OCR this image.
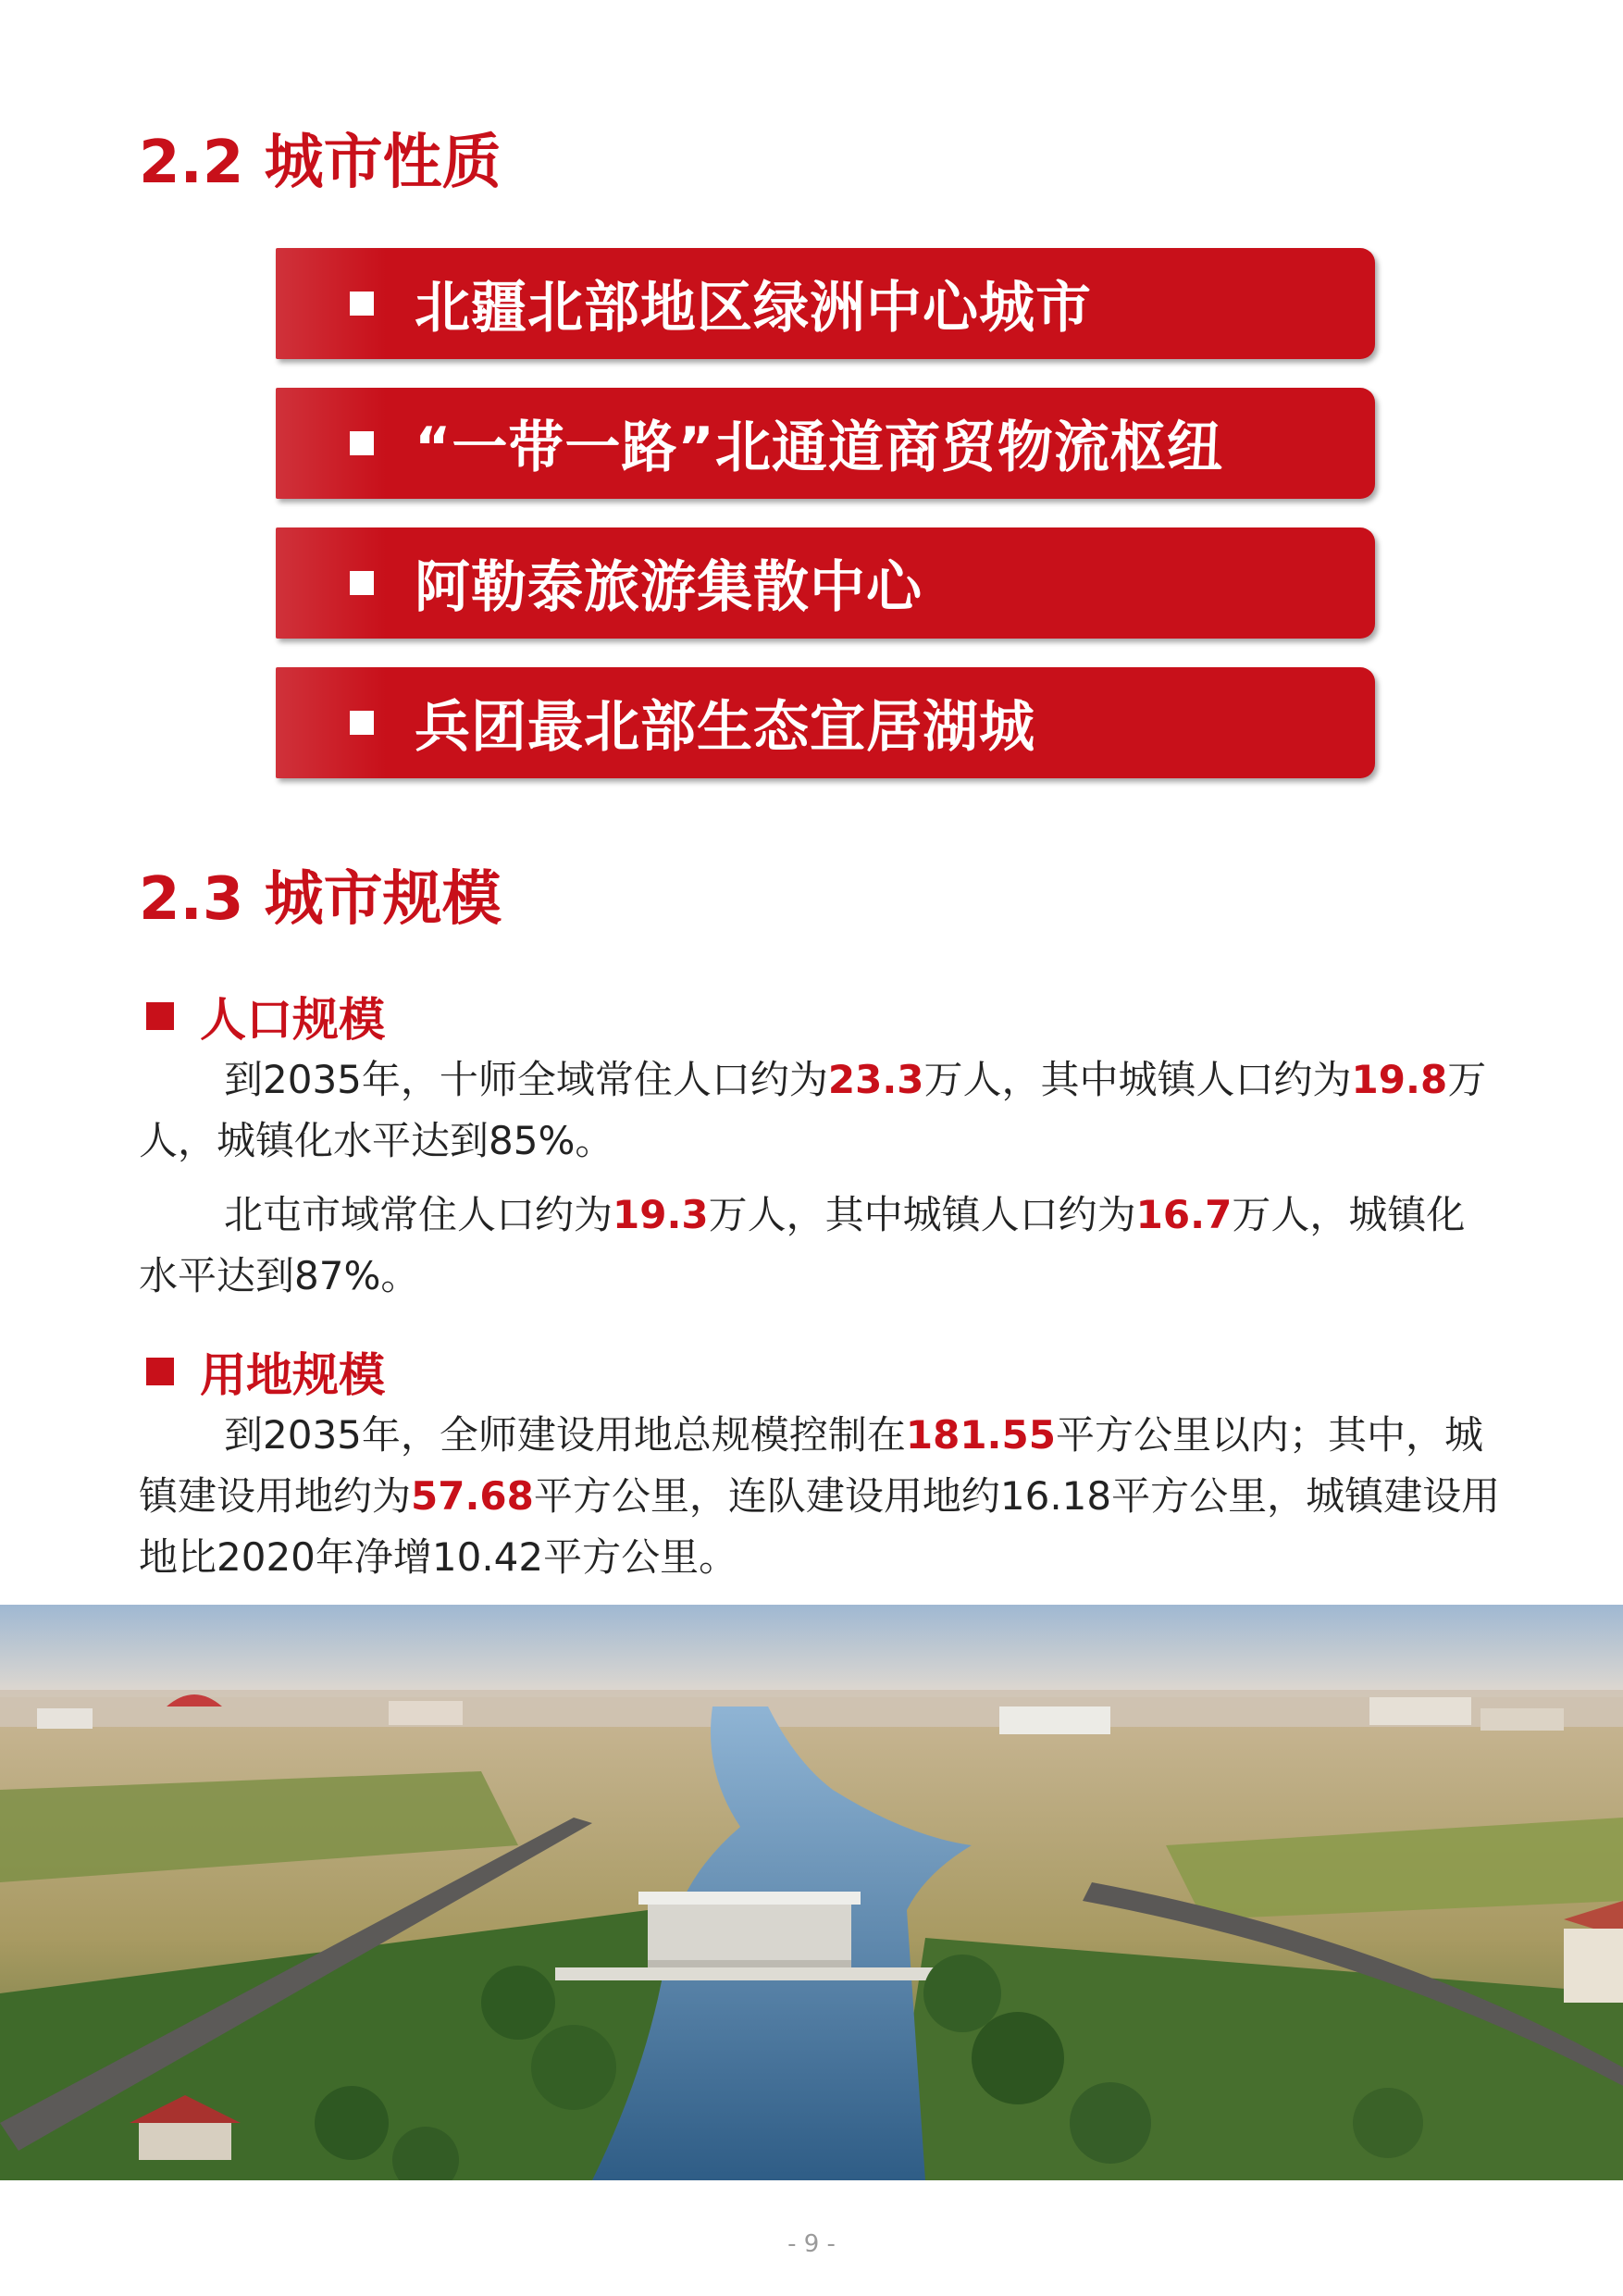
2.2 城市性质
北疆北部地区绿洲中心城市
“一带一路”北通道商贸物流枢纽
阿勒泰旅游集散中心
兵团最北部生态宜居湖城
2.3 城市规模
人口规模

到2035年，十师全域常住人口约为23.3万人，其中城镇人口约为19.8万人，城镇化水平达到85%。

北屯市域常住人口约为19.3万人，其中城镇人口约为16.7万人，城镇化水平达到87%。

用地规模

到2035年，全师建设用地总规模控制在181.55平方公里以内；其中，城镇建设用地约为57.68平方公里，连队建设用地约16.18平方公里，城镇建设用地比2020年净增10.42平方公里。

- 9 -
